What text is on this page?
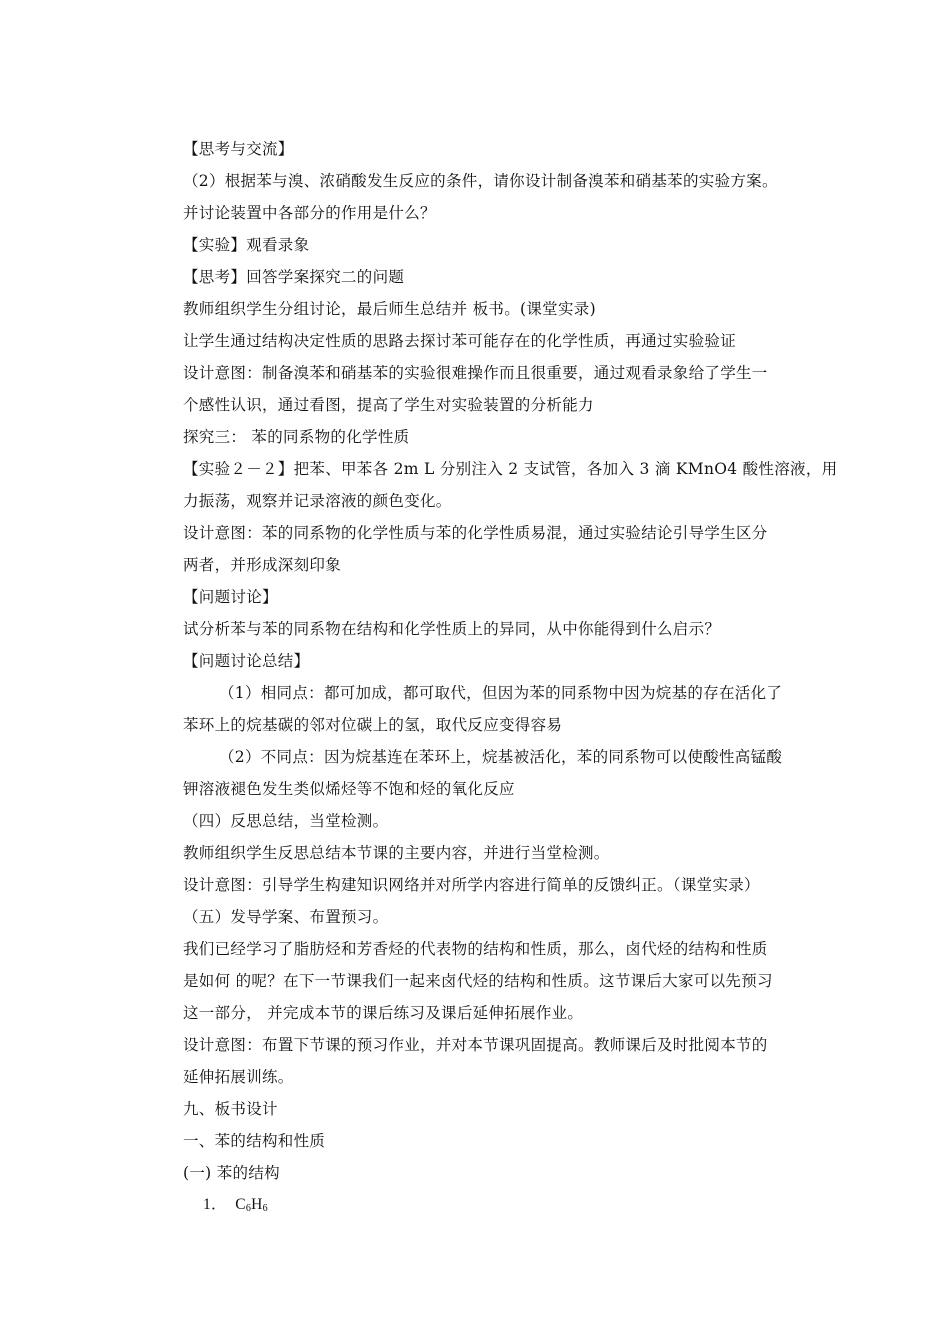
【思考与交流】
（2）根据苯与溴、浓硝酸发生反应的条件，请你设计制备溴苯和硝基苯的实验方案。
并讨论装置中各部分的作用是什么？
【实验】观看录象
【思考】回答学案探究二的问题
教师组织学生分组讨论，最后师生总结并 板书。(课堂实录)
让学生通过结构决定性质的思路去探讨苯可能存在的化学性质，再通过实验验证
设计意图：制备溴苯和硝基苯的实验很难操作而且很重要，通过观看录象给了学生一
个感性认识，通过看图，提高了学生对实验装置的分析能力
探究三： 苯的同系物的化学性质
【实验２－２】把苯、甲苯各 2m L 分别注入 2 支试管，各加入 3 滴 KMnO4 酸性溶液，用
力振荡，观察并记录溶液的颜色变化。
设计意图：苯的同系物的化学性质与苯的化学性质易混，通过实验结论引导学生区分
两者，并形成深刻印象
【问题讨论】
试分析苯与苯的同系物在结构和化学性质上的异同，从中你能得到什么启示？
【问题讨论总结】
（1）相同点：都可加成，都可取代，但因为苯的同系物中因为烷基的存在活化了
苯环上的烷基碳的邻对位碳上的氢，取代反应变得容易
（2）不同点：因为烷基连在苯环上，烷基被活化，苯的同系物可以使酸性高锰酸
钾溶液褪色发生类似烯烃等不饱和烃的氧化反应
（四）反思总结，当堂检测。
教师组织学生反思总结本节课的主要内容，并进行当堂检测。
设计意图：引导学生构建知识网络并对所学内容进行简单的反馈纠正。（课堂实录）
（五）发导学案、布置预习。
我们已经学习了脂肪烃和芳香烃的代表物的结构和性质，那么，卤代烃的结构和性质
是如何 的呢？在下一节课我们一起来卤代烃的结构和性质。这节课后大家可以先预习
这一部分， 并完成本节的课后练习及课后延伸拓展作业。
设计意图：布置下节课的预习作业，并对本节课巩固提高。教师课后及时批阅本节的
延伸拓展训练。
九、板书设计
一、苯的结构和性质
(一) 苯的结构
1． $C_6H_6$
